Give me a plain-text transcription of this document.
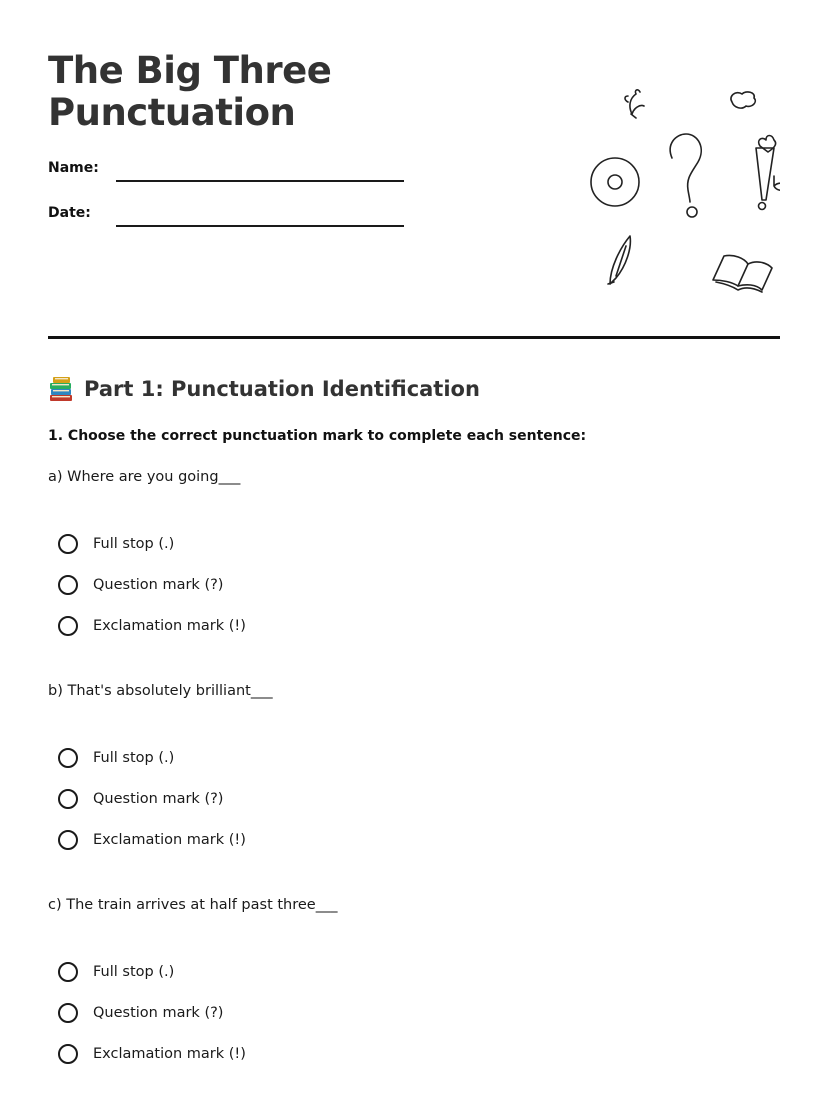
The Big Three
Punctuation
Name:
Date:
Part 1: Punctuation Identification
1. Choose the correct punctuation mark to complete each sentence:
a) Where are you going___
Full stop (.)
Question mark (?)
Exclamation mark (!)
b) That's absolutely brilliant___
Full stop (.)
Question mark (?)
Exclamation mark (!)
c) The train arrives at half past three___
Full stop (.)
Question mark (?)
Exclamation mark (!)
